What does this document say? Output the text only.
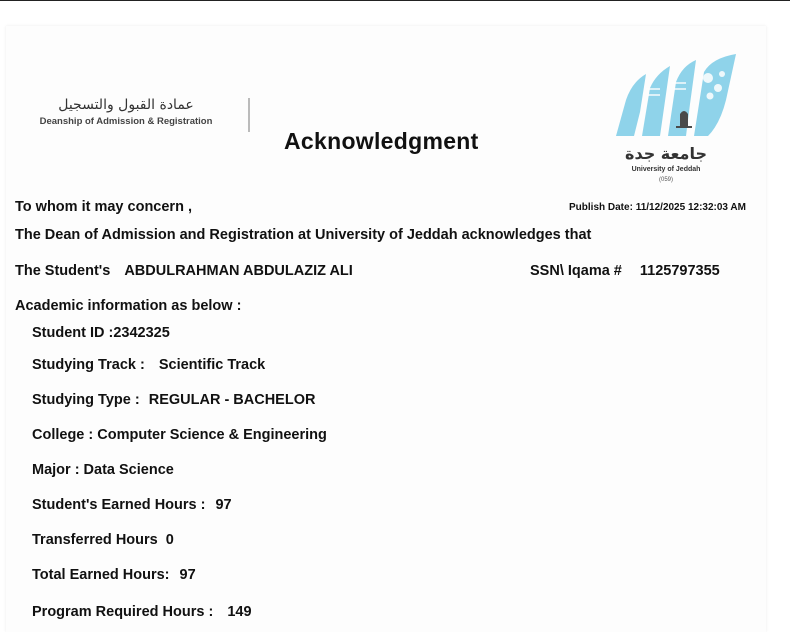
عمادة القبول والتسجيل
Deanship of Admission & Registration
Acknowledgment	جامعة جدة
University of Jeddah
(059)
To whom it may concern ,	Publish Date: 11/12/2025 12:32:03 AM
The Dean of Admission and Registration at University of Jeddah acknowledges that
The Student's ABDULRAHMAN ABDULAZIZ ALI	SSN\ Iqama # 1125797355
Academic information as below :
Student ID :2342325
Studying Track : Scientific Track
Studying Type : REGULAR - BACHELOR
College : Computer Science & Engineering
Major : Data Science
Student's Earned Hours : 97
Transferred Hours 0
Total Earned Hours: 97
Program Required Hours : 149
